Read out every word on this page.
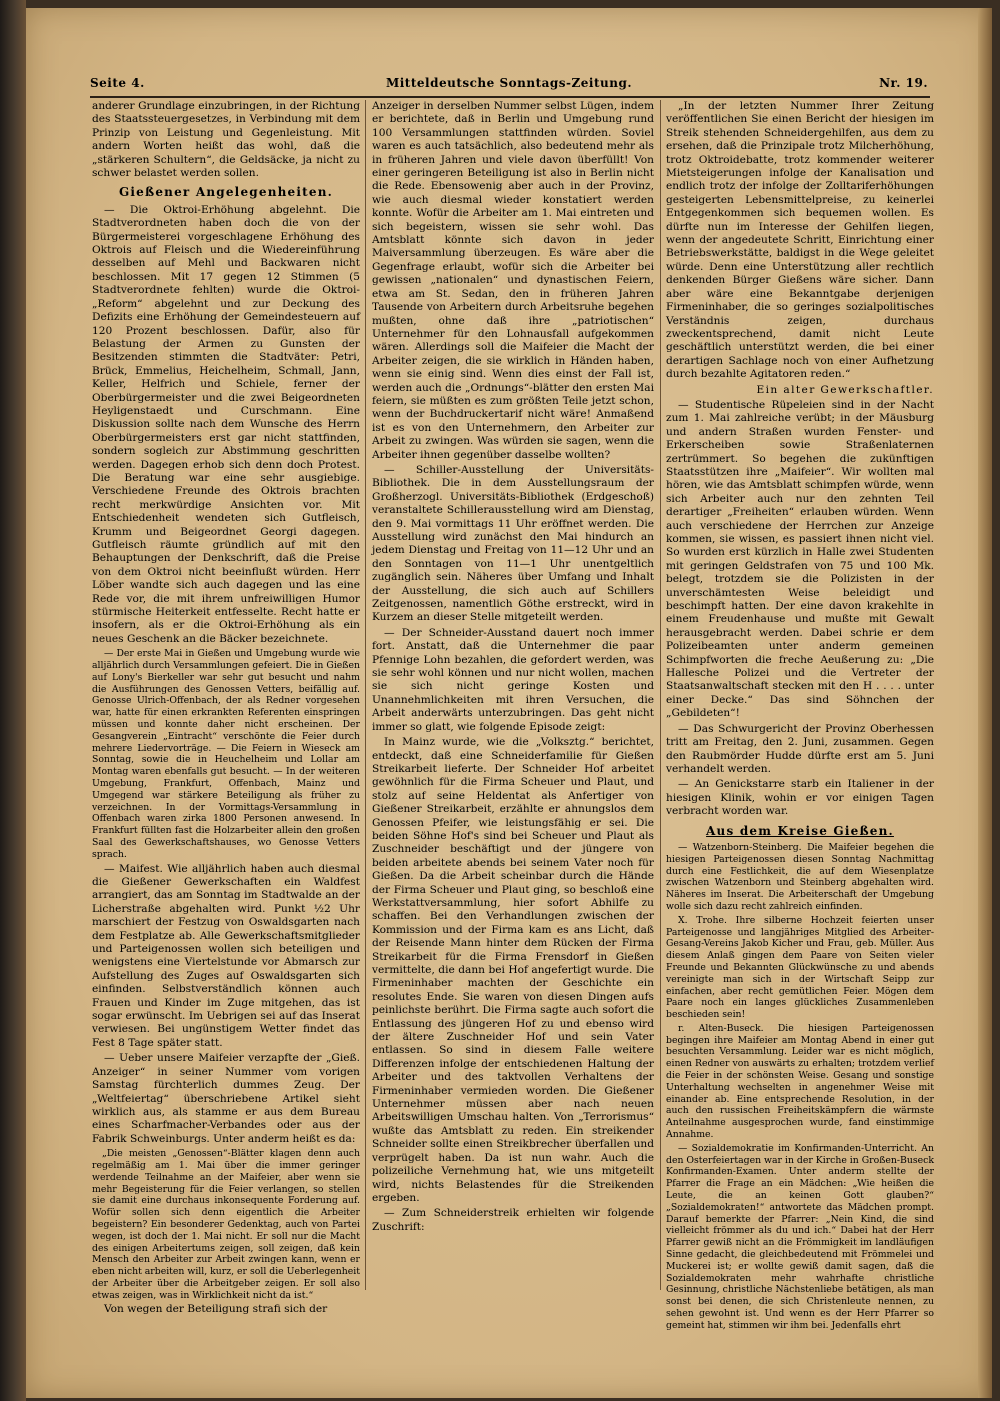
Seite 4.	Mitteldeutsche Sonntags-Zeitung.	Nr. 19.

anderer Grundlage einzubringen, in der Richtung des Staatssteuergesetzes, in Verbindung mit dem Prinzip von Leistung und Gegenleistung. Mit andern Worten heißt das wohl, daß die „stärkeren Schultern“, die Geldsäcke, ja nicht zu schwer belastet werden sollen.

Gießener Angelegenheiten.

— Die Oktroi-Erhöhung abgelehnt. Die Stadtverordneten haben doch die von der Bürgermeisterei vorgeschlagene Erhöhung des Oktrois auf Fleisch und die Wiedereinführung desselben auf Mehl und Backwaren nicht beschlossen. Mit 17 gegen 12 Stimmen (5 Stadtverordnete fehlten) wurde die Oktroi-„Reform“ abgelehnt und zur Deckung des Defizits eine Erhöhung der Gemeindesteuern auf 120 Prozent beschlossen. Dafür, also für Belastung der Armen zu Gunsten der Besitzenden stimmten die Stadtväter: Petri, Brück, Emmelius, Heichelheim, Schmall, Jann, Keller, Helfrich und Schiele, ferner der Oberbürgermeister und die zwei Beigeordneten Heyligenstaedt und Curschmann. Eine Diskussion sollte nach dem Wunsche des Herrn Oberbürgermeisters erst gar nicht stattfinden, sondern sogleich zur Abstimmung geschritten werden. Dagegen erhob sich denn doch Protest. Die Beratung war eine sehr ausgiebige. Verschiedene Freunde des Oktrois brachten recht merkwürdige Ansichten vor. Mit Entschiedenheit wendeten sich Gutfleisch, Krumm und Beigeordnet Georgi dagegen. Gutfleisch räumte gründlich auf mit den Behauptungen der Denkschrift, daß die Preise von dem Oktroi nicht beeinflußt würden. Herr Löber wandte sich auch dagegen und las eine Rede vor, die mit ihrem unfreiwilligen Humor stürmische Heiterkeit entfesselte. Recht hatte er insofern, als er die Oktroi-Erhöhung als ein neues Geschenk an die Bäcker bezeichnete.

— Der erste Mai in Gießen und Umgebung wurde wie alljährlich durch Versammlungen gefeiert. Die in Gießen auf Lony's Bierkeller war sehr gut besucht und nahm die Ausführungen des Genossen Vetters, beifällig auf. Genosse Ulrich-Offenbach, der als Redner vorgesehen war, hatte für einen erkrankten Referenten einspringen müssen und konnte daher nicht erscheinen. Der Gesangverein „Eintracht“ verschönte die Feier durch mehrere Liedervorträge. — Die Feiern in Wieseck am Sonntag, sowie die in Heuchelheim und Lollar am Montag waren ebenfalls gut besucht. — In der weiteren Umgebung, Frankfurt, Offenbach, Mainz und Umgegend war stärkere Beteiligung als früher zu verzeichnen. In der Vormittags-Versammlung in Offenbach waren zirka 1800 Personen anwesend. In Frankfurt füllten fast die Holzarbeiter allein den großen Saal des Gewerkschaftshauses, wo Genosse Vetters sprach.

— Maifest. Wie alljährlich haben auch diesmal die Gießener Gewerkschaften ein Waldfest arrangiert, das am Sonntag im Stadtwalde an der Licherstraße abgehalten wird. Punkt ½2 Uhr marschiert der Festzug von Oswaldsgarten nach dem Festplatze ab. Alle Gewerkschaftsmitglieder und Parteigenossen wollen sich beteiligen und wenigstens eine Viertelstunde vor Abmarsch zur Aufstellung des Zuges auf Oswaldsgarten sich einfinden. Selbstverständlich können auch Frauen und Kinder im Zuge mitgehen, das ist sogar erwünscht. Im Uebrigen sei auf das Inserat verwiesen. Bei ungünstigem Wetter findet das Fest 8 Tage später statt.

— Ueber unsere Maifeier verzapfte der „Gieß. Anzeiger“ in seiner Nummer vom vorigen Samstag fürchterlich dummes Zeug. Der „Weltfeiertag“ überschriebene Artikel sieht wirklich aus, als stamme er aus dem Bureau eines Scharfmacher-Verbandes oder aus der Fabrik Schweinburgs. Unter anderm heißt es da:

„Die meisten „Genossen“-Blätter klagen denn auch regelmäßig am 1. Mai über die immer geringer werdende Teilnahme an der Maifeier, aber wenn sie mehr Begeisterung für die Feier verlangen, so stellen sie damit eine durchaus inkonsequente Forderung auf. Wofür sollen sich denn eigentlich die Arbeiter begeistern? Ein besonderer Gedenktag, auch von Partei wegen, ist doch der 1. Mai nicht. Er soll nur die Macht des einigen Arbeitertums zeigen, soll zeigen, daß kein Mensch den Arbeiter zur Arbeit zwingen kann, wenn er eben nicht arbeiten will, kurz, er soll die Ueberlegenheit der Arbeiter über die Arbeitgeber zeigen. Er soll also etwas zeigen, was in Wirklichkeit nicht da ist.“

Von wegen der Beteiligung strafi sich der

Anzeiger in derselben Nummer selbst Lügen, indem er berichtete, daß in Berlin und Umgebung rund 100 Versammlungen stattfinden würden. Soviel waren es auch tatsächlich, also bedeutend mehr als in früheren Jahren und viele davon überfüllt! Von einer geringeren Beteiligung ist also in Berlin nicht die Rede. Ebensowenig aber auch in der Provinz, wie auch diesmal wieder konstatiert werden konnte. Wofür die Arbeiter am 1. Mai eintreten und sich begeistern, wissen sie sehr wohl. Das Amtsblatt könnte sich davon in jeder Maiversammlung überzeugen. Es wäre aber die Gegenfrage erlaubt, wofür sich die Arbeiter bei gewissen „nationalen“ und dynastischen Feiern, etwa am St. Sedan, den in früheren Jahren Tausende von Arbeitern durch Arbeitsruhe begehen mußten, ohne daß ihre „patriotischen“ Unternehmer für den Lohnausfall aufgekommen wären. Allerdings soll die Maifeier die Macht der Arbeiter zeigen, die sie wirklich in Händen haben, wenn sie einig sind. Wenn dies einst der Fall ist, werden auch die „Ordnungs“-blätter den ersten Mai feiern, sie müßten es zum größten Teile jetzt schon, wenn der Buchdruckertarif nicht wäre! Anmaßend ist es von den Unternehmern, den Arbeiter zur Arbeit zu zwingen. Was würden sie sagen, wenn die Arbeiter ihnen gegenüber dasselbe wollten?

— Schiller-Ausstellung der Universitäts-Bibliothek. Die in dem Ausstellungsraum der Großherzogl. Universitäts-Bibliothek (Erdgeschoß) veranstaltete Schillerausstellung wird am Dienstag, den 9. Mai vormittags 11 Uhr eröffnet werden. Die Ausstellung wird zunächst den Mai hindurch an jedem Dienstag und Freitag von 11—12 Uhr und an den Sonntagen von 11—1 Uhr unentgeltlich zugänglich sein. Näheres über Umfang und Inhalt der Ausstellung, die sich auch auf Schillers Zeitgenossen, namentlich Göthe erstreckt, wird in Kurzem an dieser Stelle mitgeteilt werden.

— Der Schneider-Ausstand dauert noch immer fort. Anstatt, daß die Unternehmer die paar Pfennige Lohn bezahlen, die gefordert werden, was sie sehr wohl können und nur nicht wollen, machen sie sich nicht geringe Kosten und Unannehmlichkeiten mit ihren Versuchen, die Arbeit anderwärts unterzubringen. Das geht nicht immer so glatt, wie folgende Episode zeigt:

In Mainz wurde, wie die „Volksztg.“ berichtet, entdeckt, daß eine Schneiderfamilie für Gießen Streikarbeit lieferte. Der Schneider Hof arbeitet gewöhnlich für die Firma Scheuer und Plaut, und stolz auf seine Heldentat als Anfertiger von Gießener Streikarbeit, erzählte er ahnungslos dem Genossen Pfeifer, wie leistungsfähig er sei. Die beiden Söhne Hof's sind bei Scheuer und Plaut als Zuschneider beschäftigt und der jüngere von beiden arbeitete abends bei seinem Vater noch für Gießen. Da die Arbeit scheinbar durch die Hände der Firma Scheuer und Plaut ging, so beschloß eine Werkstattversammlung, hier sofort Abhilfe zu schaffen. Bei den Verhandlungen zwischen der Kommission und der Firma kam es ans Licht, daß der Reisende Mann hinter dem Rücken der Firma Streikarbeit für die Firma Frensdorf in Gießen vermittelte, die dann bei Hof angefertigt wurde. Die Firmeninhaber machten der Geschichte ein resolutes Ende. Sie waren von diesen Dingen aufs peinlichste berührt. Die Firma sagte auch sofort die Entlassung des jüngeren Hof zu und ebenso wird der ältere Zuschneider Hof und sein Vater entlassen. So sind in diesem Falle weitere Differenzen infolge der entschiedenen Haltung der Arbeiter und des taktvollen Verhaltens der Firmeninhaber vermieden worden. Die Gießener Unternehmer müssen aber nach neuen Arbeitswilligen Umschau halten. Von „Terrorismus“ wußte das Amtsblatt zu reden. Ein streikender Schneider sollte einen Streikbrecher überfallen und verprügelt haben. Da ist nun wahr. Auch die polizeiliche Vernehmung hat, wie uns mitgeteilt wird, nichts Belastendes für die Streikenden ergeben.

— Zum Schneiderstreik erhielten wir folgende Zuschrift:

„In der letzten Nummer Ihrer Zeitung veröffentlichen Sie einen Bericht der hiesigen im Streik stehenden Schneidergehilfen, aus dem zu ersehen, daß die Prinzipale trotz Milcherhöhung, trotz Oktroidebatte, trotz kommender weiterer Mietsteigerungen infolge der Kanalisation und endlich trotz der infolge der Zolltariferhöhungen gesteigerten Lebensmittelpreise, zu keinerlei Entgegenkommen sich bequemen wollen. Es dürfte nun im Interesse der Gehilfen liegen, wenn der angedeutete Schritt, Einrichtung einer Betriebswerkstätte, baldigst in die Wege geleitet würde. Denn eine Unterstützung aller rechtlich denkenden Bürger Gießens wäre sicher. Dann aber wäre eine Bekanntgabe derjenigen Firmeninhaber, die so geringes sozialpolitisches Verständnis zeigen, durchaus zweckentsprechend, damit nicht Leute geschäftlich unterstützt werden, die bei einer derartigen Sachlage noch von einer Aufhetzung durch bezahlte Agitatoren reden.“

Ein alter Gewerkschaftler.

— Studentische Rüpeleien sind in der Nacht zum 1. Mai zahlreiche verübt; in der Mäusburg und andern Straßen wurden Fenster- und Erkerscheiben sowie Straßenlaternen zertrümmert. So begehen die zukünftigen Staatsstützen ihre „Maifeier“. Wir wollten mal hören, wie das Amtsblatt schimpfen würde, wenn sich Arbeiter auch nur den zehnten Teil derartiger „Freiheiten“ erlauben würden. Wenn auch verschiedene der Herrchen zur Anzeige kommen, sie wissen, es passiert ihnen nicht viel. So wurden erst kürzlich in Halle zwei Studenten mit geringen Geldstrafen von 75 und 100 Mk. belegt, trotzdem sie die Polizisten in der unverschämtesten Weise beleidigt und beschimpft hatten. Der eine davon krakehlte in einem Freudenhause und mußte mit Gewalt herausgebracht werden. Dabei schrie er dem Polizeibeamten unter anderm gemeinen Schimpfworten die freche Aeußerung zu: „Die Hallesche Polizei und die Vertreter der Staatsanwaltschaft stecken mit den H . . . . unter einer Decke.“ Das sind Söhnchen der „Gebildeten“!

— Das Schwurgericht der Provinz Oberhessen tritt am Freitag, den 2. Juni, zusammen. Gegen den Raubmörder Hudde dürfte erst am 5. Juni verhandelt werden.

— An Genickstarre starb ein Italiener in der hiesigen Klinik, wohin er vor einigen Tagen verbracht worden war.

Aus dem Kreise Gießen.

— Watzenborn-Steinberg. Die Maifeier begehen die hiesigen Parteigenossen diesen Sonntag Nachmittag durch eine Festlichkeit, die auf dem Wiesenplatze zwischen Watzenborn und Steinberg abgehalten wird. Näheres im Inserat. Die Arbeiterschaft der Umgebung wolle sich dazu recht zahlreich einfinden.

X. Trohe. Ihre silberne Hochzeit feierten unser Parteigenosse und langjähriges Mitglied des Arbeiter-Gesang-Vereins Jakob Kicher und Frau, geb. Müller. Aus diesem Anlaß gingen dem Paare von Seiten vieler Freunde und Bekannten Glückwünsche zu und abends vereinigte man sich in der Wirtschaft Seipp zur einfachen, aber recht gemütlichen Feier. Mögen dem Paare noch ein langes glückliches Zusammenleben beschieden sein!

r. Alten-Buseck. Die hiesigen Parteigenossen begingen ihre Maifeier am Montag Abend in einer gut besuchten Versammlung. Leider war es nicht möglich, einen Redner von auswärts zu erhalten; trotzdem verlief die Feier in der schönsten Weise. Gesang und sonstige Unterhaltung wechselten in angenehmer Weise mit einander ab. Eine entsprechende Resolution, in der auch den russischen Freiheitskämpfern die wärmste Anteilnahme ausgesprochen wurde, fand einstimmige Annahme.

— Sozialdemokratie im Konfirmanden-Unterricht. An den Osterfeiertagen war in der Kirche in Großen-Buseck Konfirmanden-Examen. Unter anderm stellte der Pfarrer die Frage an ein Mädchen: „Wie heißen die Leute, die an keinen Gott glauben?“ „Sozialdemokraten!“ antwortete das Mädchen prompt. Darauf bemerkte der Pfarrer: „Nein Kind, die sind vielleicht frömmer als du und ich.“ Dabei hat der Herr Pfarrer gewiß nicht an die Frömmigkeit im landläufigen Sinne gedacht, die gleichbedeutend mit Frömmelei und Muckerei ist; er wollte gewiß damit sagen, daß die Sozialdemokraten mehr wahrhafte christliche Gesinnung, christliche Nächstenliebe betätigen, als man sonst bei denen, die sich Christenleute nennen, zu sehen gewohnt ist. Und wenn es der Herr Pfarrer so gemeint hat, stimmen wir ihm bei. Jedenfalls ehrt
